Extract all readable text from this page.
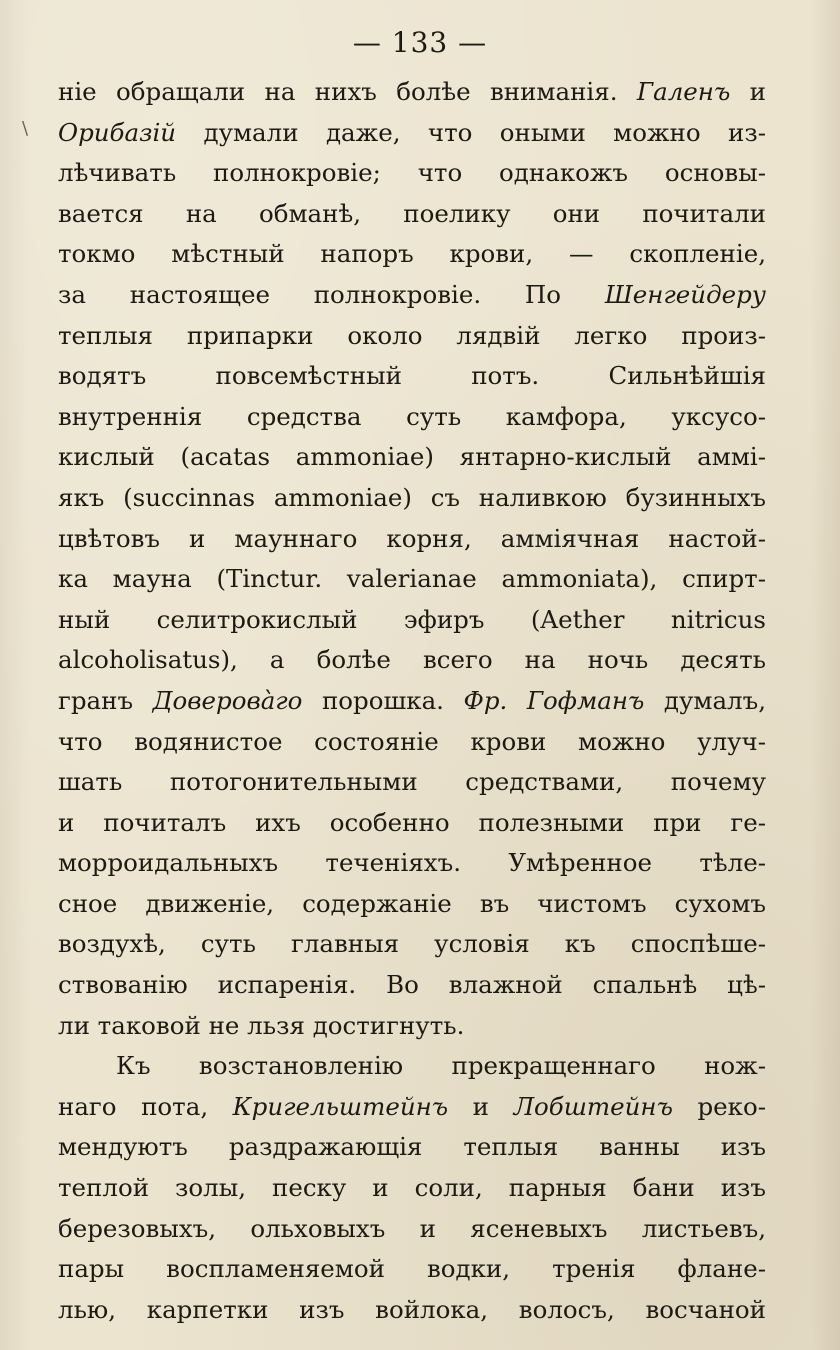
— 133 —
\
ніе обращали на нихъ болѣе вниманія. Галенъ и
Орибазій думали даже, что оными можно из-
лѣчивать полнокровіе; что однакожъ основы-
вается на обманѣ, поелику они почитали
токмо мѣстный напоръ крови, — скопленіе,
за настоящее полнокровіе. По Шенгейдеру
теплыя припарки около лядвій легко произ-
водятъ повсемѣстный потъ. Сильнѣйшія
внутреннія средства суть камфора, уксусо-
кислый (acatas ammoniae) янтарно-кислый аммі-
якъ (succinnas ammoniae) съ наливкою бузинныхъ
цвѣтовъ и мауннаго корня, амміячная настой-
ка мауна (Tinctur. valerianae ammoniata), спирт-
ный селитрокислый эфиръ (Aether nitricus
alcoholisatus), а болѣе всего на ночь десять
гранъ Доверовàго порошка. Фр. Гофманъ думалъ,
что водянистое состояніе крови можно улуч-
шать потогонительными средствами, почему
и почиталъ ихъ особенно полезными при ге-
морроидальныхъ теченіяхъ. Умѣренное тѣле-
сное движеніе, содержаніе въ чистомъ сухомъ
воздухѣ, суть главныя условія къ споспѣше-
ствованію испаренія. Во влажной спальнѣ цѣ-
ли таковой не льзя достигнуть.
Къ возстановленію прекращеннаго нож-
наго пота, Кригельштейнъ и Лобштейнъ реко-
мендуютъ раздражающія теплыя ванны изъ
теплой золы, песку и соли, парныя бани изъ
березовыхъ, ольховыхъ и ясеневыхъ листьевъ,
пары воспламеняемой водки, тренія флане-
лью, карпетки изъ войлока, волосъ, восчаной
